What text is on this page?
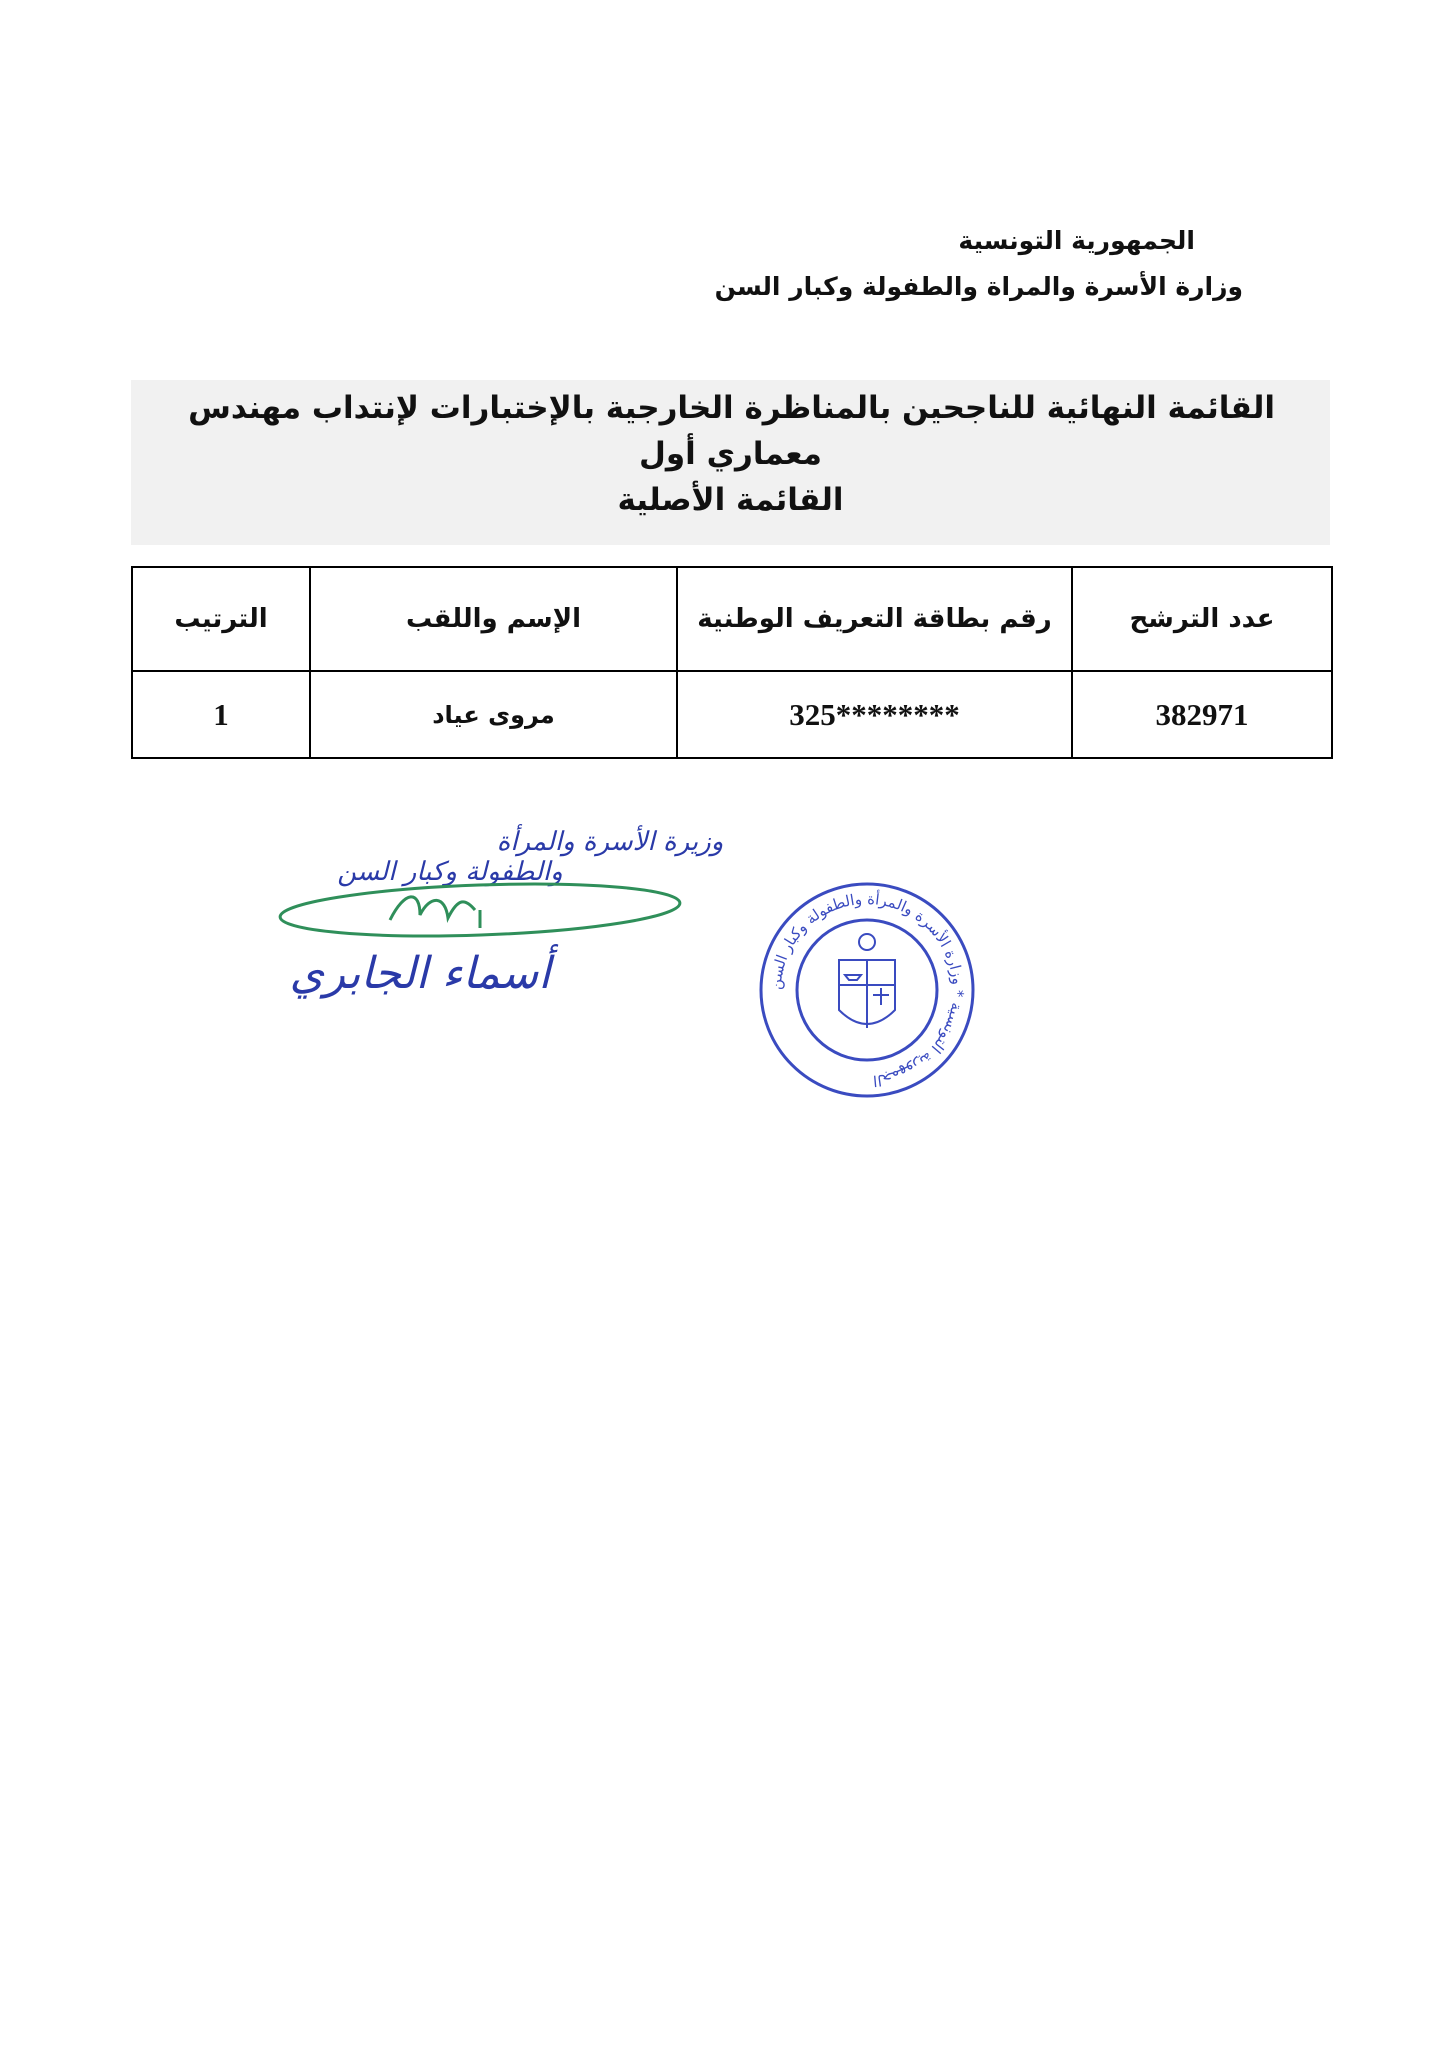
الجمهورية التونسية
وزارة الأسرة والمراة والطفولة وكبار السن
القائمة النهائية للناجحين بالمناظرة الخارجية بالإختبارات لإنتداب مهندس
معماري أول
القائمة الأصلية
عدد الترشح	رقم بطاقة التعريف الوطنية	الإسم واللقب	الترتيب
382971	********325	مروى عياد	1
وزيرة الأسرة والمرأة
والطفولة وكبار السن
أسماء الجابري	الجمهورية التونسية * وزارة الأسرة والمرأة والطفولة وكبار السن
